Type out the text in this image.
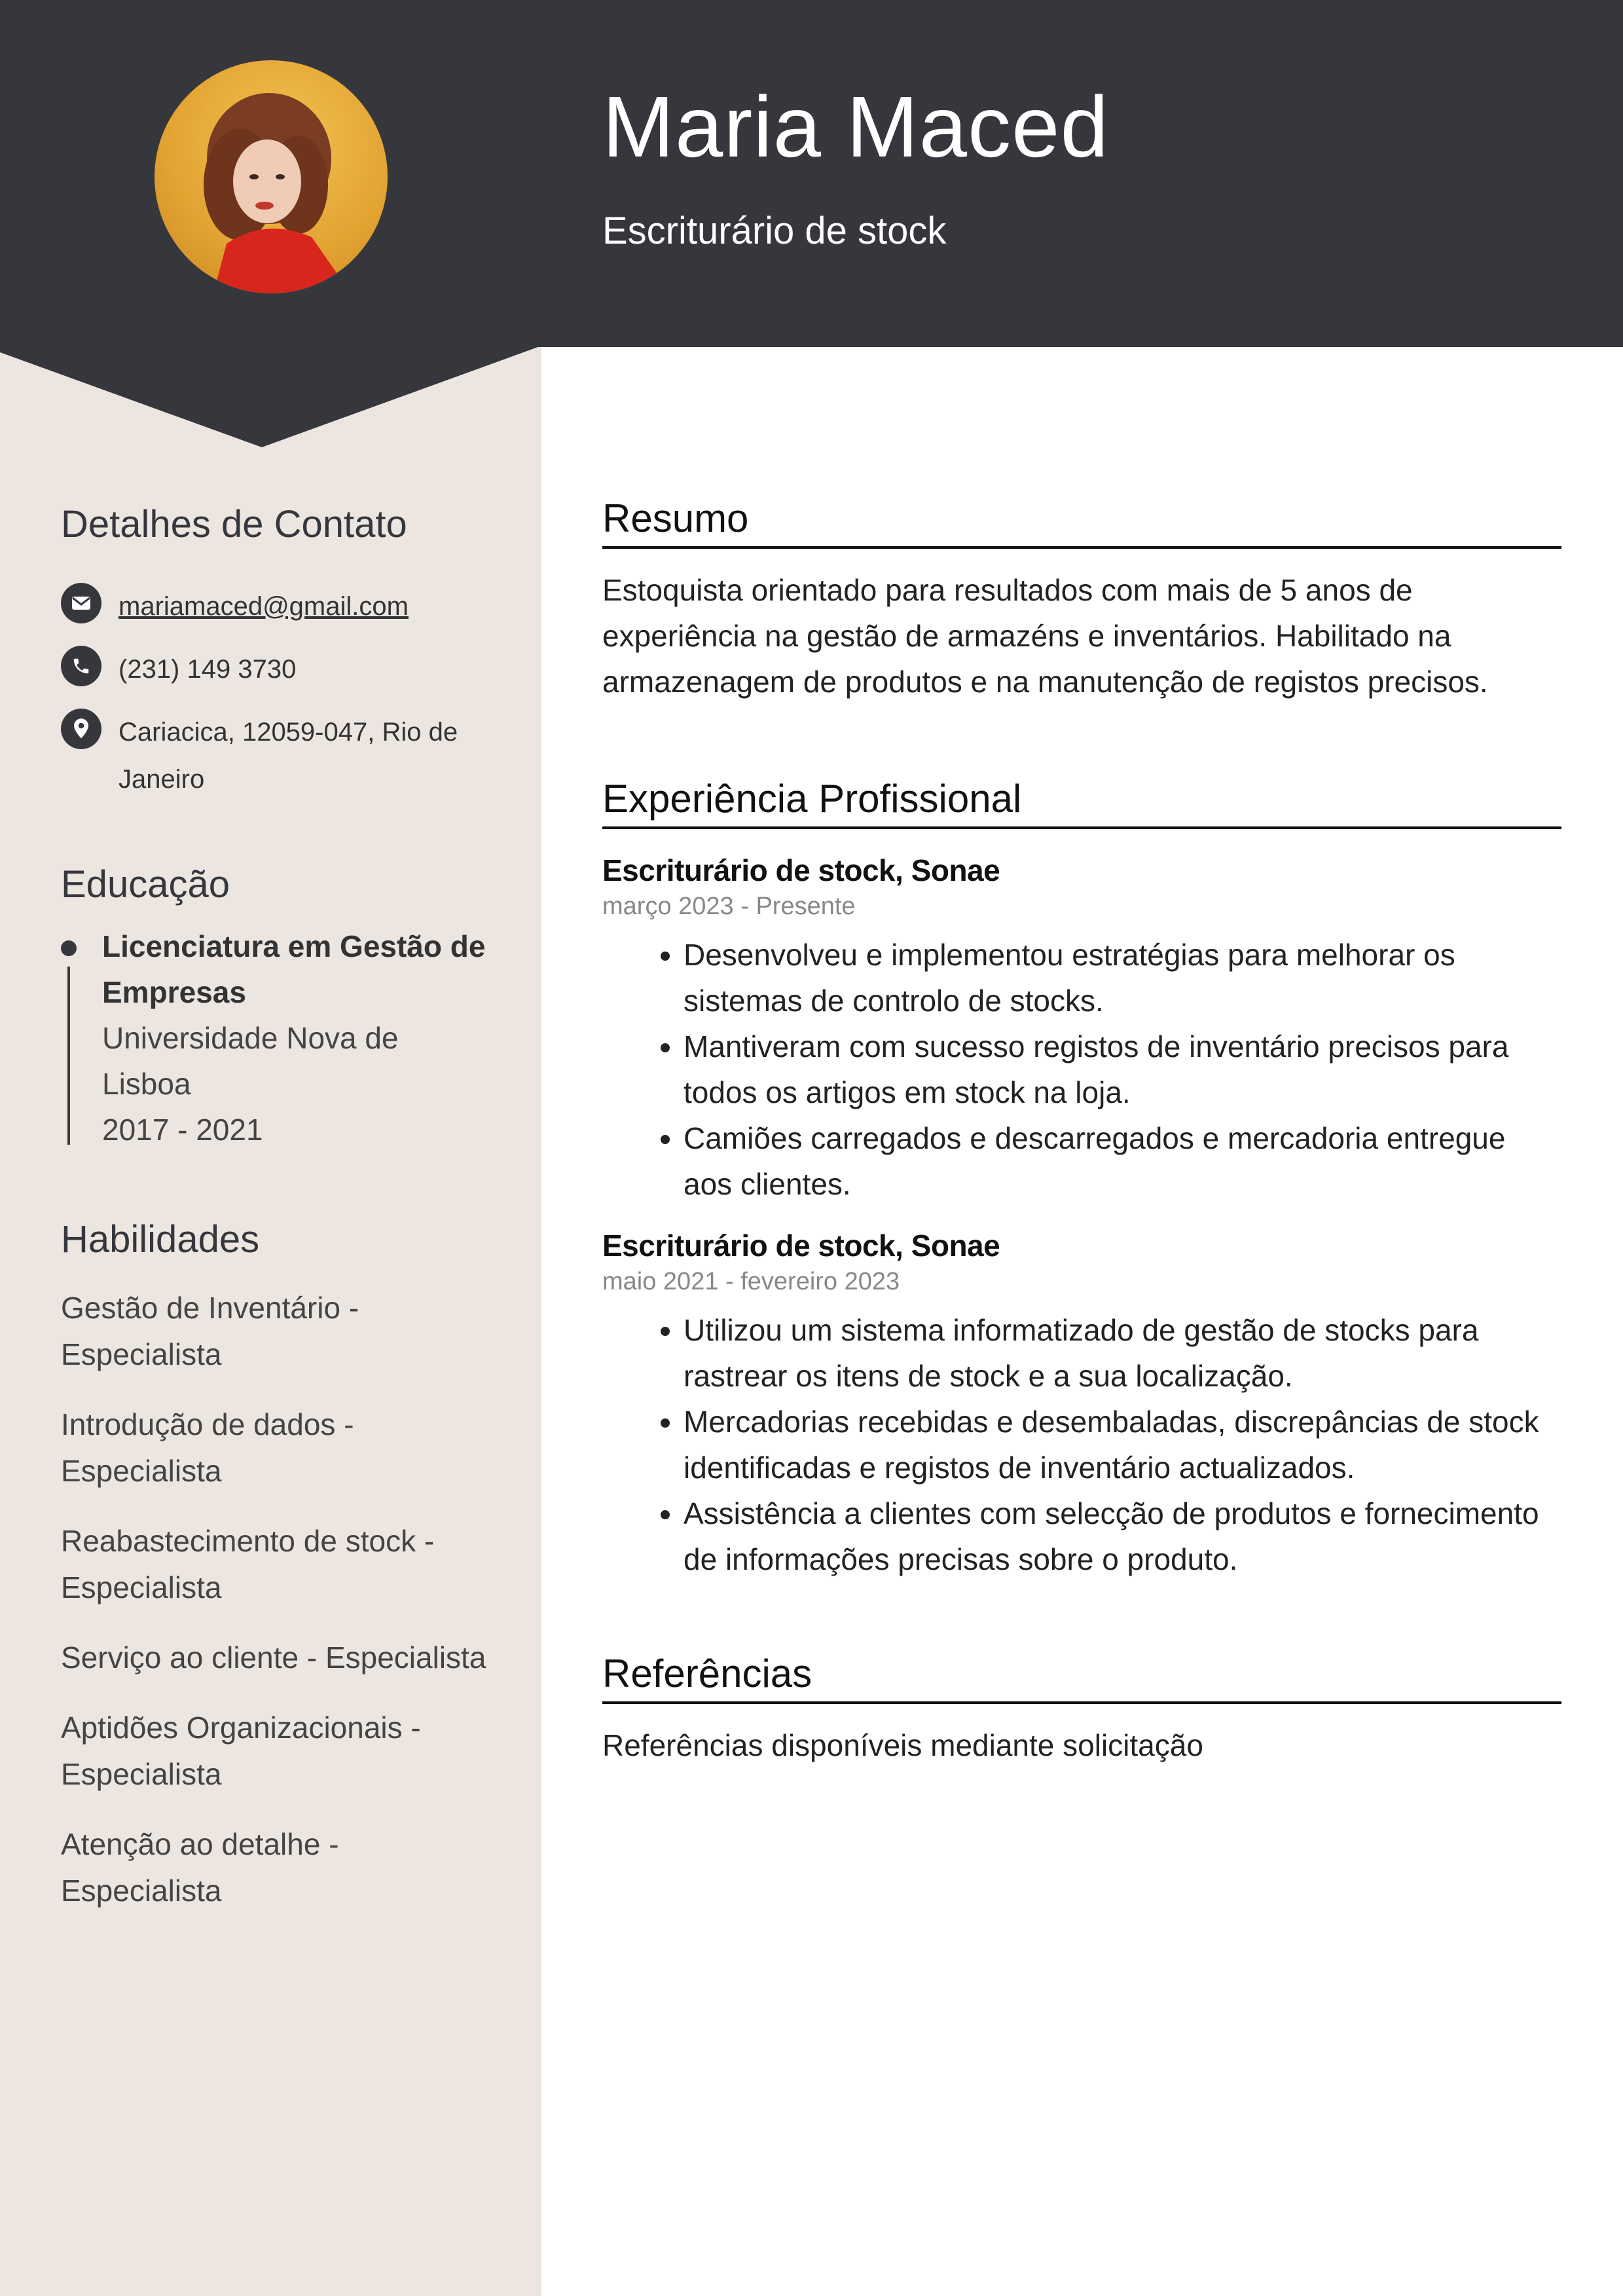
Maria Maced

Escriturário de stock

Detalhes de Contato
mariamaced@gmail.com
(231) 149 3730
Cariacica, 12059-047, Rio de Janeiro
Educação
Licenciatura em Gestão de Empresas
Universidade Nova de Lisboa
2017 - 2021
Habilidades
Gestão de Inventário - Especialista
Introdução de dados - Especialista
Reabastecimento de stock - Especialista
Serviço ao cliente - Especialista
Aptidões Organizacionais - Especialista
Atenção ao detalhe - Especialista
Resumo

Estoquista orientado para resultados com mais de 5 anos de experiência na gestão de armazéns e inventários. Habilitado na armazenagem de produtos e na manutenção de registos precisos.

Experiência Profissional

Escriturário de stock, Sonae

março 2023 - Presente

• Desenvolveu e implementou estratégias para melhorar os sistemas de controlo de stocks.
• Mantiveram com sucesso registos de inventário precisos para todos os artigos em stock na loja.
• Camiões carregados e descarregados e mercadoria entregue aos clientes.

Escriturário de stock, Sonae

maio 2021 - fevereiro 2023

• Utilizou um sistema informatizado de gestão de stocks para rastrear os itens de stock e a sua localização.
• Mercadorias recebidas e desembaladas, discrepâncias de stock identificadas e registos de inventário actualizados.
• Assistência a clientes com selecção de produtos e fornecimento de informações precisas sobre o produto.
Referências

Referências disponíveis mediante solicitação
